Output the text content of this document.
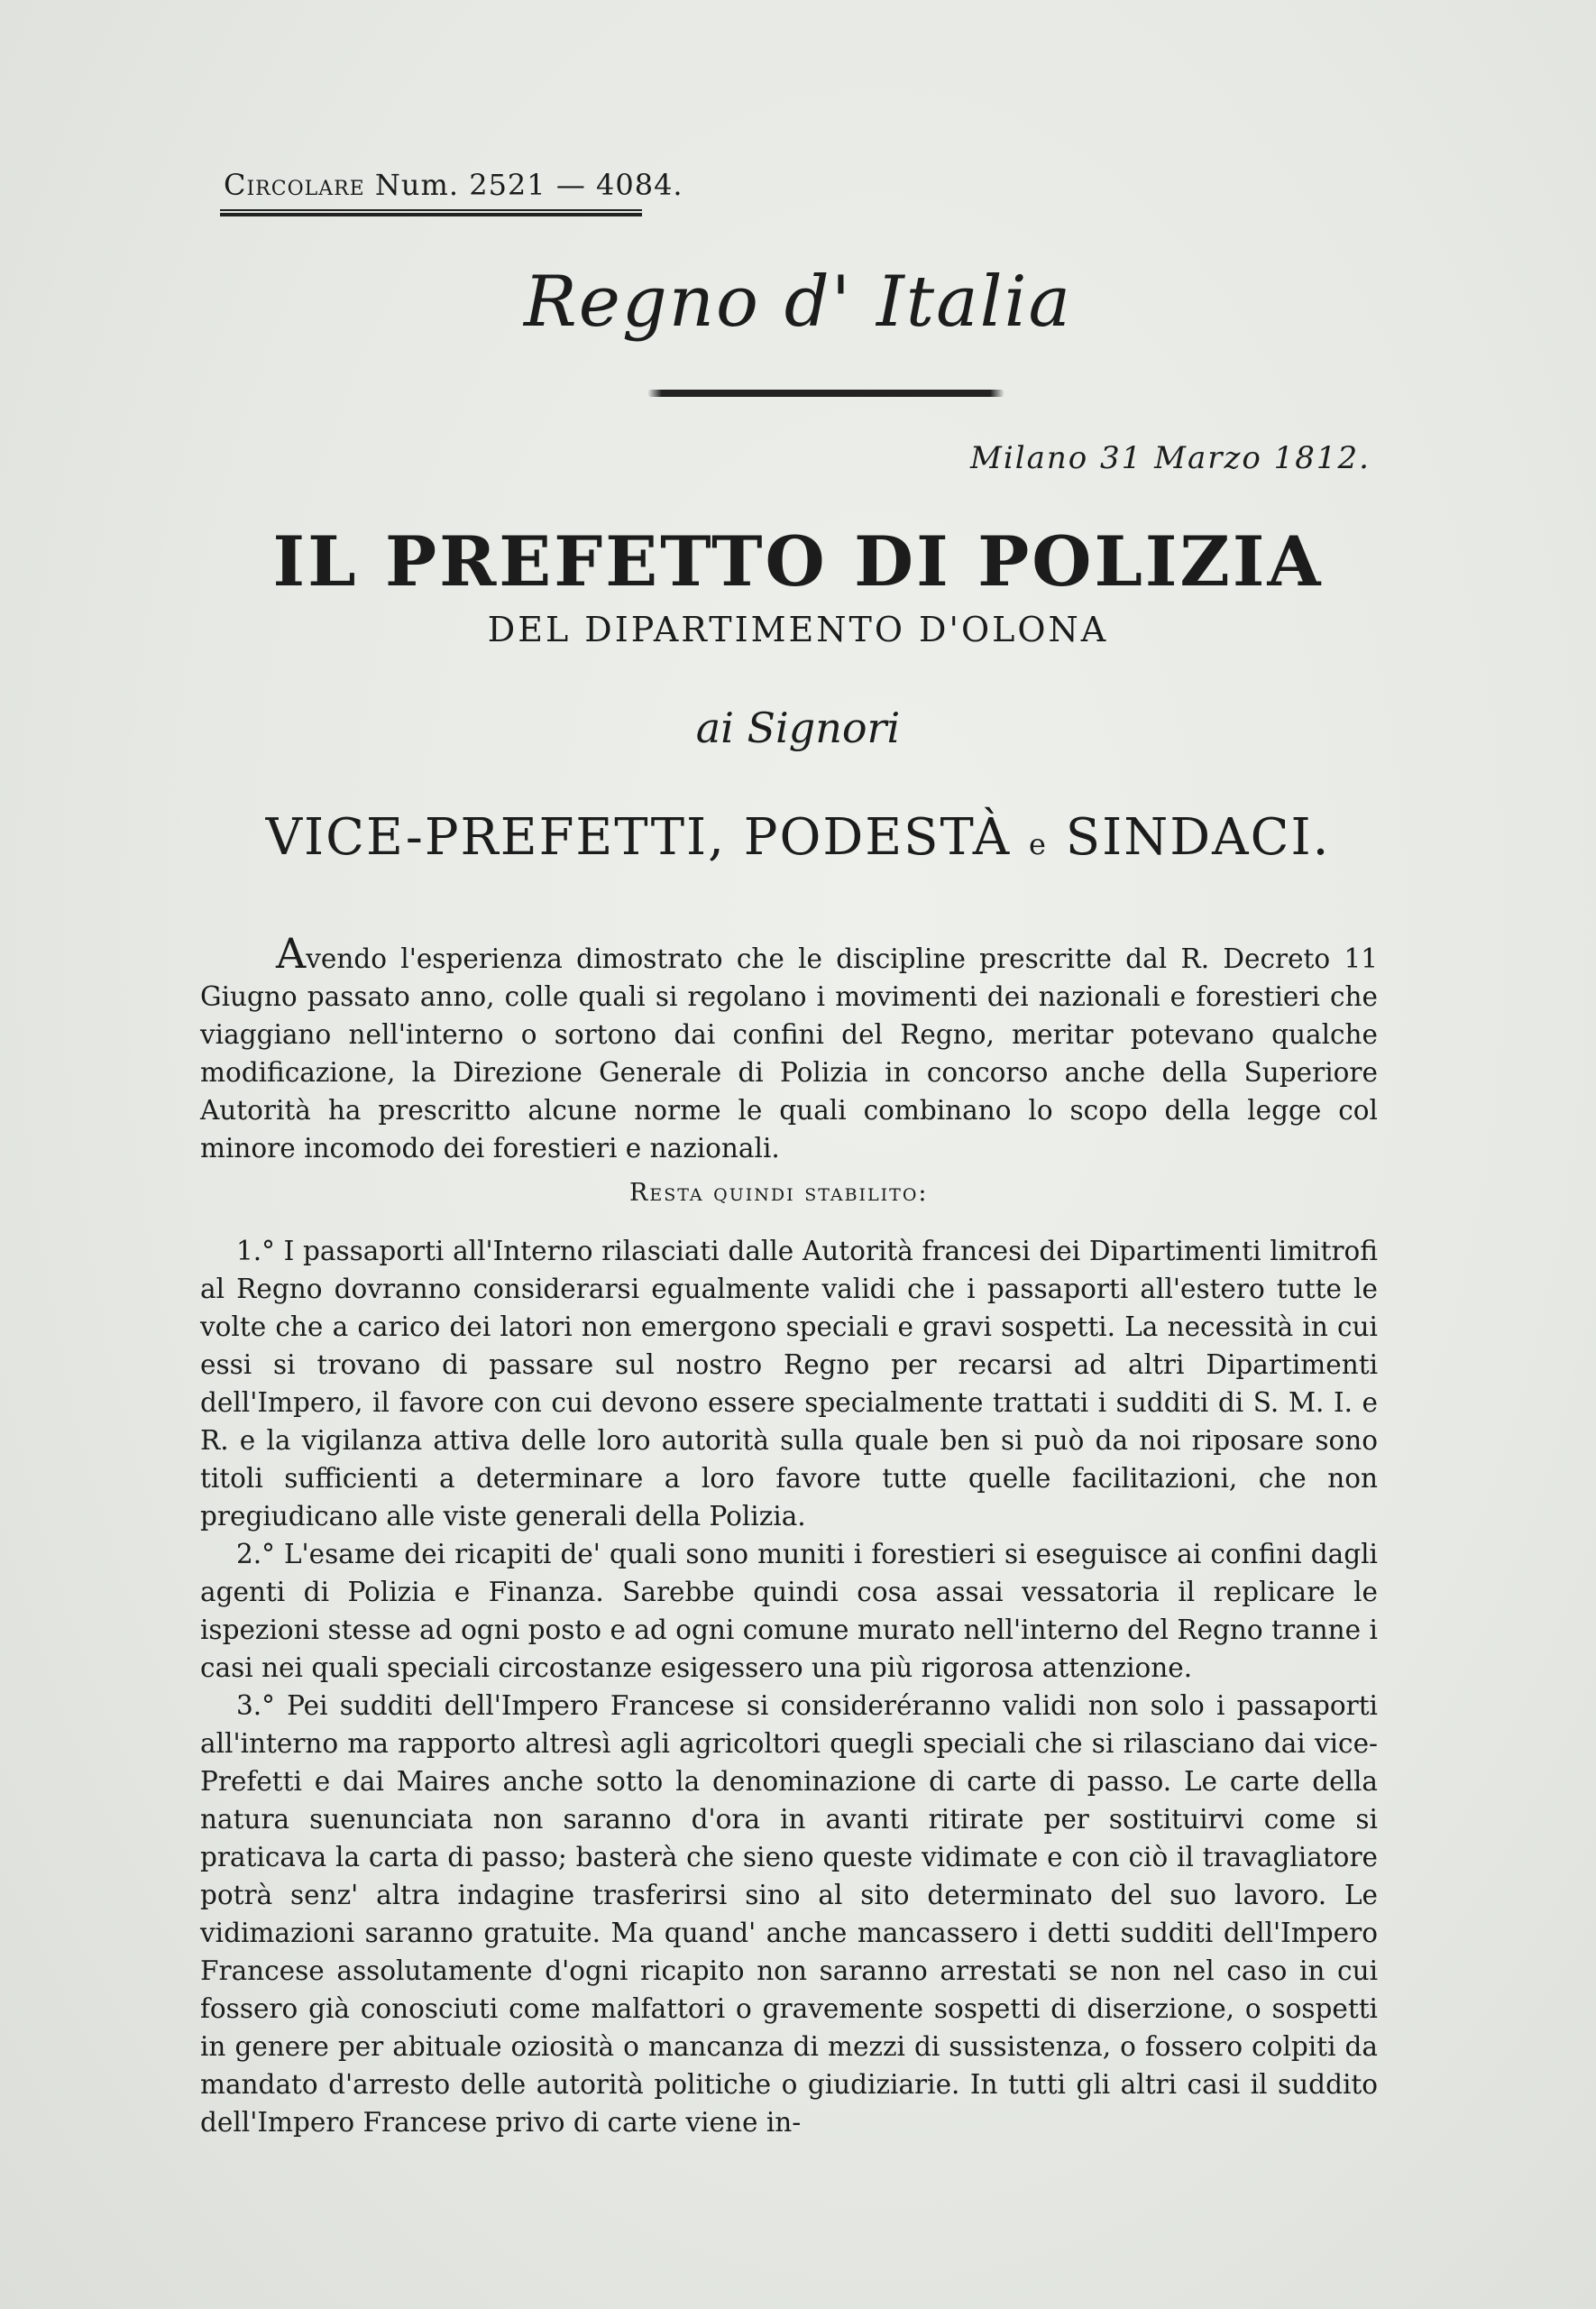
Circolare Num. 2521 — 4084.
Regno d' Italia
Milano 31 Marzo 1812.
IL PREFETTO DI POLIZIA
DEL DIPARTIMENTO D'OLONA
ai Signori
VICE-PREFETTI, PODESTÀ e SINDACI.

Avendo l'esperienza dimostrato che le discipline prescritte dal R. Decreto 11 Giugno passato anno, colle quali si regolano i movimenti dei nazionali e forestieri che viaggiano nell'interno o sortono dai confini del Regno, meritar potevano qualche modificazione, la Direzione Generale di Polizia in concorso anche della Superiore Autorità ha prescritto alcune norme le quali combinano lo scopo della legge col minore incomodo dei forestieri e nazionali.

Resta quindi stabilito:

1.° I passaporti all'Interno rilasciati dalle Autorità francesi dei Dipartimenti limitrofi al Regno dovranno considerarsi egualmente validi che i passaporti all'estero tutte le volte che a carico dei latori non emergono speciali e gravi sospetti. La necessità in cui essi si trovano di passare sul nostro Regno per recarsi ad altri Dipartimenti dell'Impero, il favore con cui devono essere specialmente trattati i sudditi di S. M. I. e R. e la vigilanza attiva delle loro autorità sulla quale ben si può da noi riposare sono titoli sufficienti a determinare a loro favore tutte quelle facilitazioni, che non pregiudicano alle viste generali della Polizia.

2.° L'esame dei ricapiti de' quali sono muniti i forestieri si eseguisce ai confini dagli agenti di Polizia e Finanza. Sarebbe quindi cosa assai vessatoria il replicare le ispezioni stesse ad ogni posto e ad ogni comune murato nell'interno del Regno tranne i casi nei quali speciali circostanze esigessero una più rigorosa attenzione.

3.° Pei sudditi dell'Impero Francese si consideréranno validi non solo i passaporti all'interno ma rapporto altresì agli agricoltori quegli speciali che si rilasciano dai vice-Prefetti e dai Maires anche sotto la denominazione di carte di passo. Le carte della natura suenunciata non saranno d'ora in avanti ritirate per sostituirvi come si praticava la carta di passo; basterà che sieno queste vidimate e con ciò il travagliatore potrà senz' altra indagine trasferirsi sino al sito determinato del suo lavoro. Le vidimazioni saranno gratuite. Ma quand' anche mancassero i detti sudditi dell'Impero Francese assolutamente d'ogni ricapito non saranno arrestati se non nel caso in cui fossero già conosciuti come malfattori o gravemente sospetti di diserzione, o sospetti in genere per abituale oziosità o mancanza di mezzi di sussistenza, o fossero colpiti da mandato d'arresto delle autorità politiche o giudiziarie. In tutti gli altri casi il suddito dell'Impero Francese privo di carte viene in-
